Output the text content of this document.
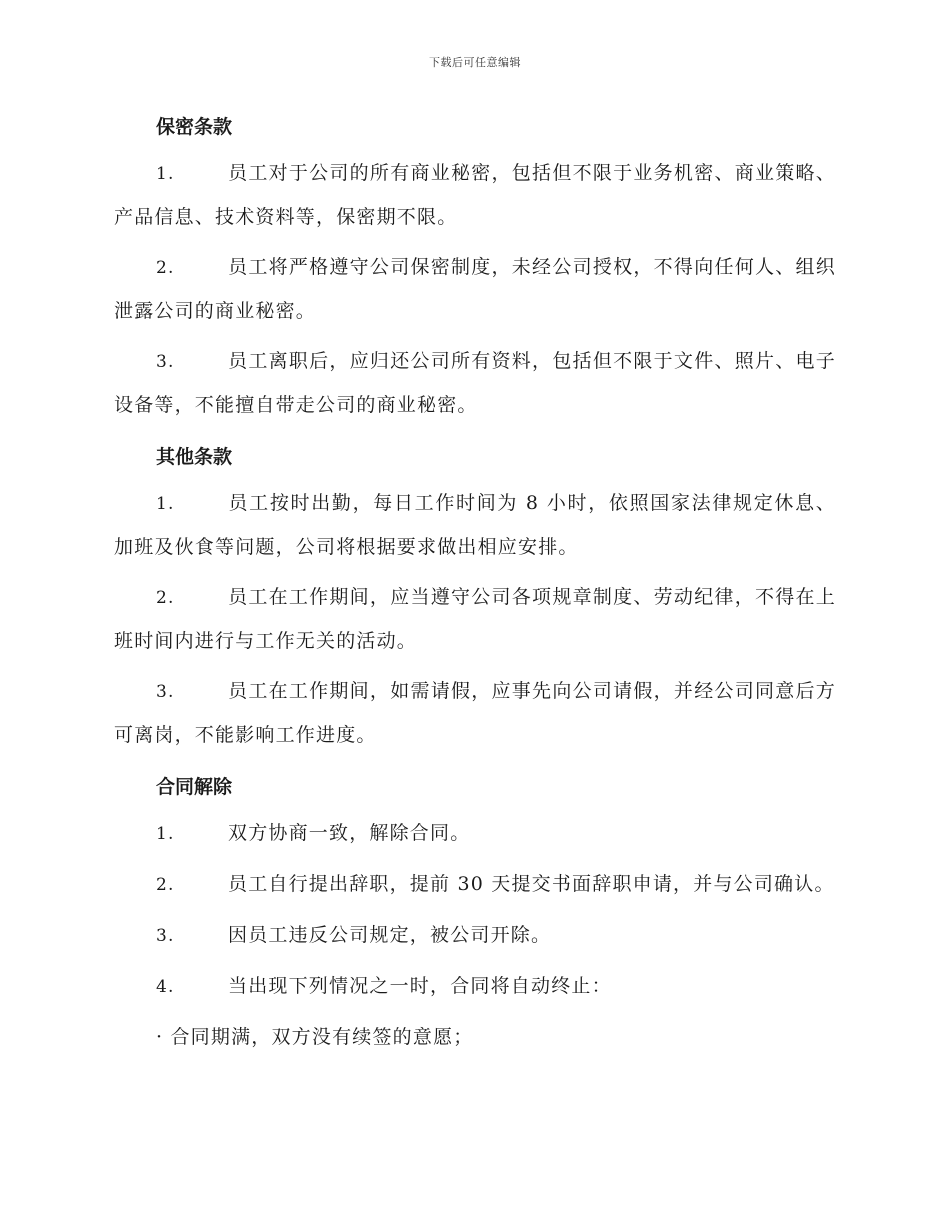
下载后可任意编辑
保密条款

1.	员工对于公司的所有商业秘密，包括但不限于业务机密、商业策略、产品信息、技术资料等，保密期不限。

2.	员工将严格遵守公司保密制度，未经公司授权，不得向任何人、组织泄露公司的商业秘密。

3.	员工离职后，应归还公司所有资料，包括但不限于文件、照片、电子设备等，不能擅自带走公司的商业秘密。

其他条款

1.	员工按时出勤，每日工作时间为 8 小时，依照国家法律规定休息、加班及伙食等问题，公司将根据要求做出相应安排。

2.	员工在工作期间，应当遵守公司各项规章制度、劳动纪律，不得在上班时间内进行与工作无关的活动。

3.	员工在工作期间，如需请假，应事先向公司请假，并经公司同意后方可离岗，不能影响工作进度。

合同解除

1.	双方协商一致，解除合同。

2.	员工自行提出辞职，提前 30 天提交书面辞职申请，并与公司确认。

3.	因员工违反公司规定，被公司开除。

4.	当出现下列情况之一时，合同将自动终止：

· 合同期满，双方没有续签的意愿；
